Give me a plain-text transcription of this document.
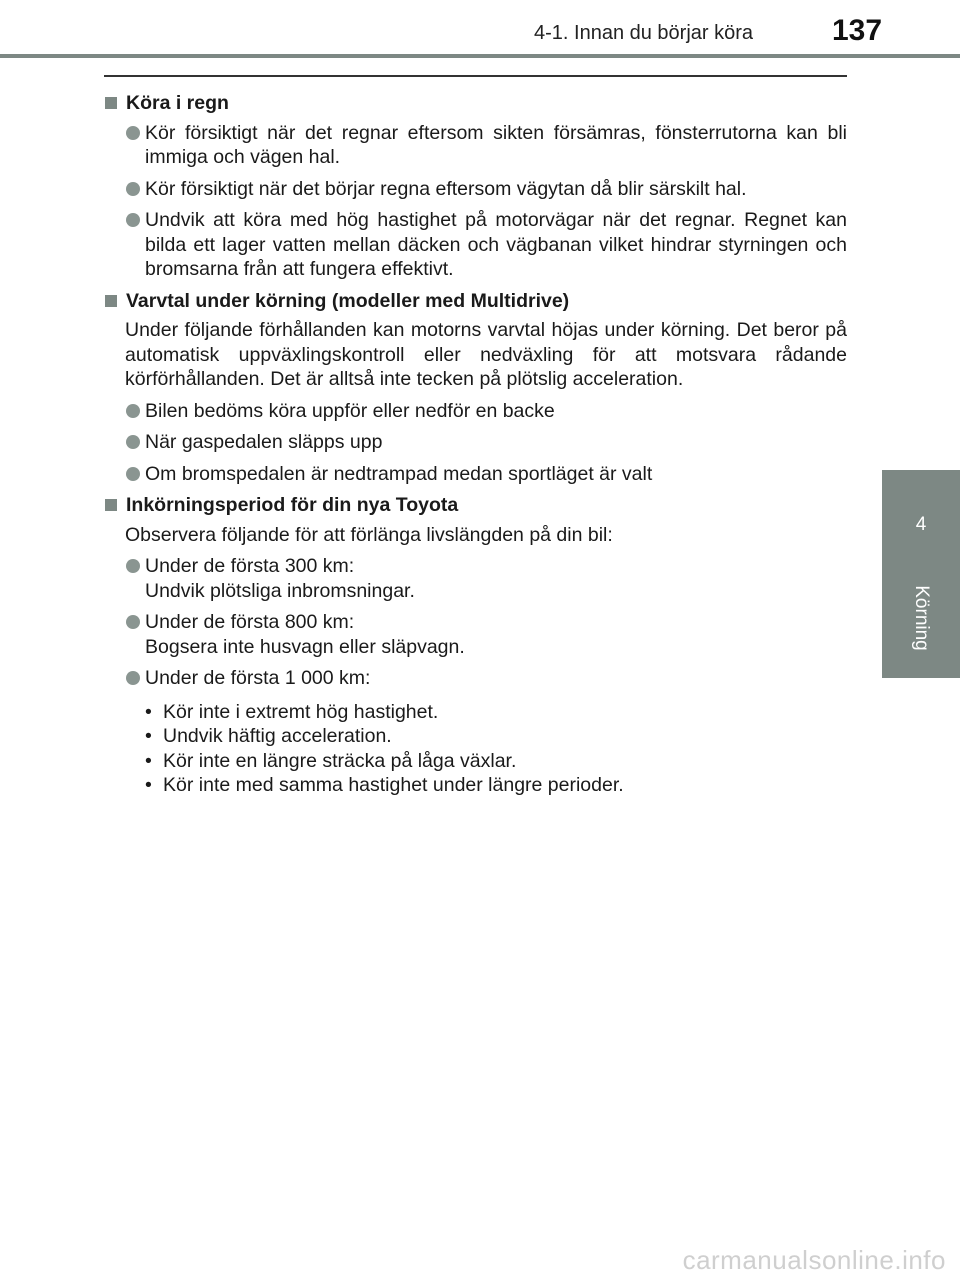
4-1. Innan du börjar köra	137
4
Körning
Köra i regn
Kör försiktigt när det regnar eftersom sikten försämras, fönsterrutorna kan bli immiga och vägen hal.
Kör försiktigt när det börjar regna eftersom vägytan då blir särskilt hal.
Undvik att köra med hög hastighet på motorvägar när det regnar. Regnet kan bilda ett lager vatten mellan däcken och vägbanan vilket hindrar styrningen och bromsarna från att fungera effektivt.
Varvtal under körning (modeller med Multidrive)
Under följande förhållanden kan motorns varvtal höjas under körning. Det beror på automatisk uppväxlingskontroll eller nedväxling för att motsvara rådande körförhållanden. Det är alltså inte tecken på plötslig acceleration.
Bilen bedöms köra uppför eller nedför en backe
När gaspedalen släpps upp
Om bromspedalen är nedtrampad medan sportläget är valt
Inkörningsperiod för din nya Toyota
Observera följande för att förlänga livslängden på din bil:
Under de första 300 km:
Undvik plötsliga inbromsningar.
Under de första 800 km:
Bogsera inte husvagn eller släpvagn.
Under de första 1 000 km:
• Kör inte i extremt hög hastighet.
• Undvik häftig acceleration.
• Kör inte en längre sträcka på låga växlar.
• Kör inte med samma hastighet under längre perioder.
carmanualsonline.info
